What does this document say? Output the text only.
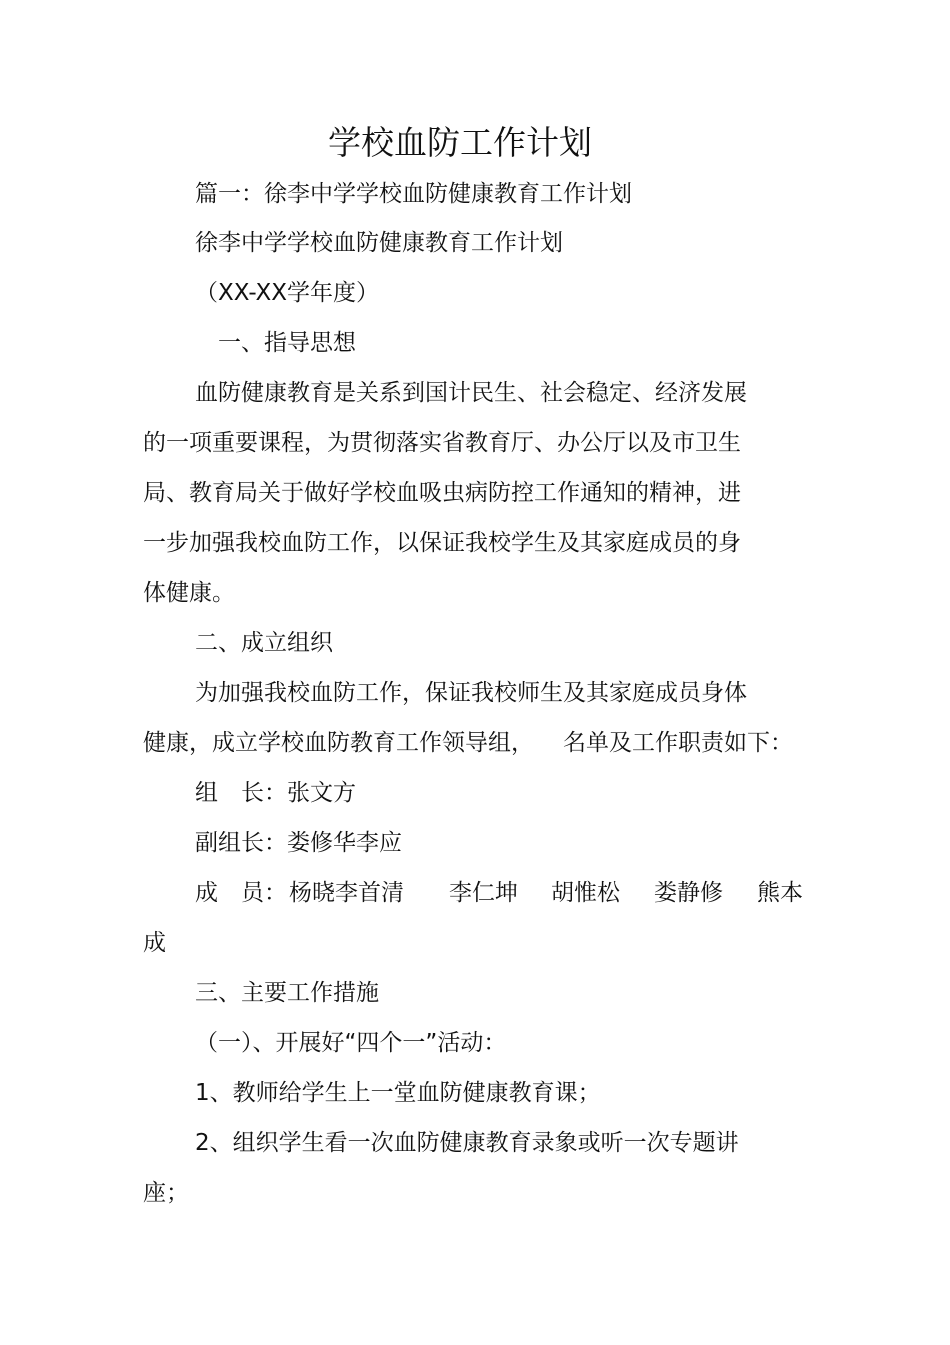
学校血防工作计划
篇一：徐李中学学校血防健康教育工作计划
徐李中学学校血防健康教育工作计划
（XX-XX学年度）
一、指导思想
血防健康教育是关系到国计民生、社会稳定、经济发展
的一项重要课程，为贯彻落实省教育厅、办公厅以及市卫生
局、教育局关于做好学校血吸虫病防控工作通知的精神，进
一步加强我校血防工作，以保证我校学生及其家庭成员的身
体健康。
二、成立组织
为加强我校血防工作，保证我校师生及其家庭成员身体
健康，成立学校血防教育工作领导组， 名单及工作职责如下：
组　长：张文方
副组长：娄修华李应
成　员： 杨晓李首清 李仁坤 胡惟松 娄静修 熊本
成
三、主要工作措施
（一）、开展好“四个一”活动：
1、教师给学生上一堂血防健康教育课；
2、组织学生看一次血防健康教育录象或听一次专题讲
座；
